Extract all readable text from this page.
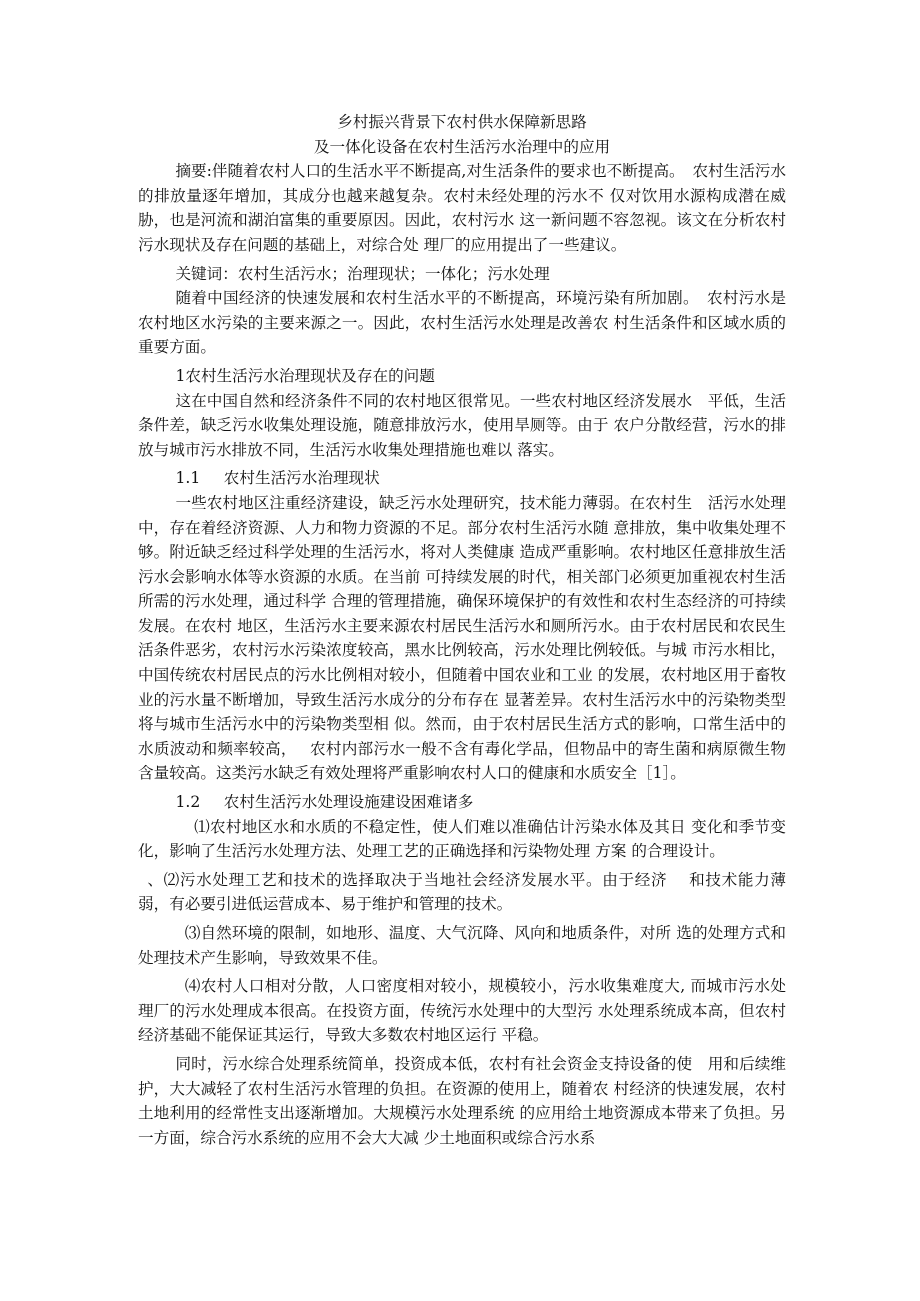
乡村振兴背景下农村供水保障新思路

及一体化设备在农村生活污水治理中的应用

摘要:伴随着农村人口的生活水平不断提高,对生活条件的要求也不断提高。　农村生活污水的排放量逐年增加，其成分也越来越复杂。农村未经处理的污水不 仅对饮用水源构成潜在威胁，也是河流和湖泊富集的重要原因。因此，农村污水 这一新问题不容忽视。该文在分析农村污水现状及存在问题的基础上，对综合处 理厂的应用提出了一些建议。

关键词：农村生活污水；治理现状；一体化；污水处理

随着中国经济的快速发展和农村生活水平的不断提高，环境污染有所加剧。　农村污水是农村地区水污染的主要来源之一。因此，农村生活污水处理是改善农 村生活条件和区域水质的重要方面。

1农村生活污水治理现状及存在的问题

这在中国自然和经济条件不同的农村地区很常见。一些农村地区经济发展水　平低，生活条件差，缺乏污水收集处理设施，随意排放污水，使用旱厕等。由于 农户分散经营，污水的排放与城市污水排放不同，生活污水收集处理措施也难以 落实。

1.1 农村生活污水治理现状

一些农村地区注重经济建设，缺乏污水处理研究，技术能力薄弱。在农村生　活污水处理中，存在着经济资源、人力和物力资源的不足。部分农村生活污水随 意排放，集中收集处理不够。附近缺乏经过科学处理的生活污水，将对人类健康 造成严重影响。农村地区任意排放生活污水会影响水体等水资源的水质。在当前 可持续发展的时代，相关部门必须更加重视农村生活所需的污水处理，通过科学 合理的管理措施，确保环境保护的有效性和农村生态经济的可持续发展。在农村 地区，生活污水主要来源农村居民生活污水和厕所污水。由于农村居民和农民生 活条件恶劣，农村污水污染浓度较高，黑水比例较高，污水处理比例较低。与城 市污水相比，中国传统农村居民点的污水比例相对较小，但随着中国农业和工业 的发展，农村地区用于畜牧业的污水量不断增加，导致生活污水成分的分布存在 显著差异。农村生活污水中的污染物类型将与城市生活污水中的污染物类型相 似。然而，由于农村居民生活方式的影响，口常生活中的水质波动和频率较高，　 农村内部污水一般不含有毒化学品，但物品中的寄生菌和病原微生物含量较高。这类污水缺乏有效处理将严重影响农村人口的健康和水质安全［1］。

1.2 农村生活污水处理设施建设困难诸多

⑴农村地区水和水质的不稳定性，使人们难以准确估计污染水体及其日 变化和季节变化，影响了生活污水处理方法、处理工艺的正确选择和污染物处理 方案 的合理设计。

、⑵污水处理工艺和技术的选择取决于当地社会经济发展水平。由于经济　 和技术能力薄弱，有必要引进低运营成本、易于维护和管理的技术。

⑶自然环境的限制，如地形、温度、大气沉降、风向和地质条件，对所 选的处理方式和处理技术产生影响，导致效果不佳。

⑷农村人口相对分散，人口密度相对较小，规模较小，污水收集难度大, 而城市污水处理厂的污水处理成本很高。在投资方面，传统污水处理中的大型污 水处理系统成本高，但农村经济基础不能保证其运行，导致大多数农村地区运行 平稳。

同时，污水综合处理系统简单，投资成本低，农村有社会资金支持设备的使　用和后续维护，大大减轻了农村生活污水管理的负担。在资源的使用上，随着农 村经济的快速发展，农村土地利用的经常性支出逐渐增加。大规模污水处理系统 的应用给土地资源成本带来了负担。另一方面，综合污水系统的应用不会大大减 少土地面积或综合污水系
